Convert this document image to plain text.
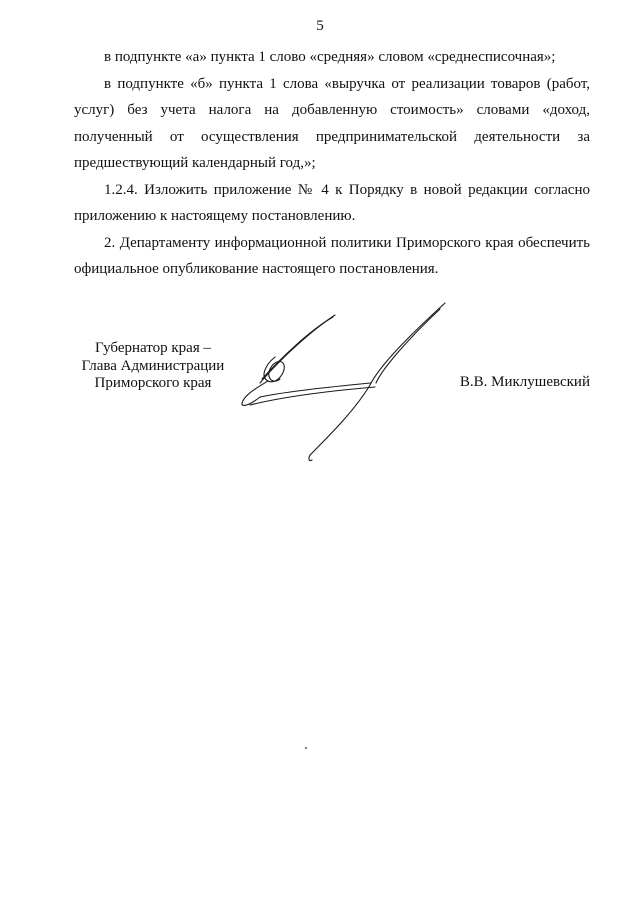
5

в подпункте «а» пункта 1 слово «средняя» словом «среднесписочная»;

в подпункте «б» пункта 1 слова «выручка от реализации товаров (работ, услуг) без учета налога на добавленную стоимость» словами «доход, полученный от осуществления предпринимательской деятельности за предшествующий календарный год,»;

1.2.4. Изложить приложение № 4 к Порядку в новой редакции согласно приложению к настоящему постановлению.

2. Департаменту информационной политики Приморского края обеспечить официальное опубликование настоящего постановления.

Губернатор края –
Глава Администрации
Приморского края	В.В. Миклушевский
